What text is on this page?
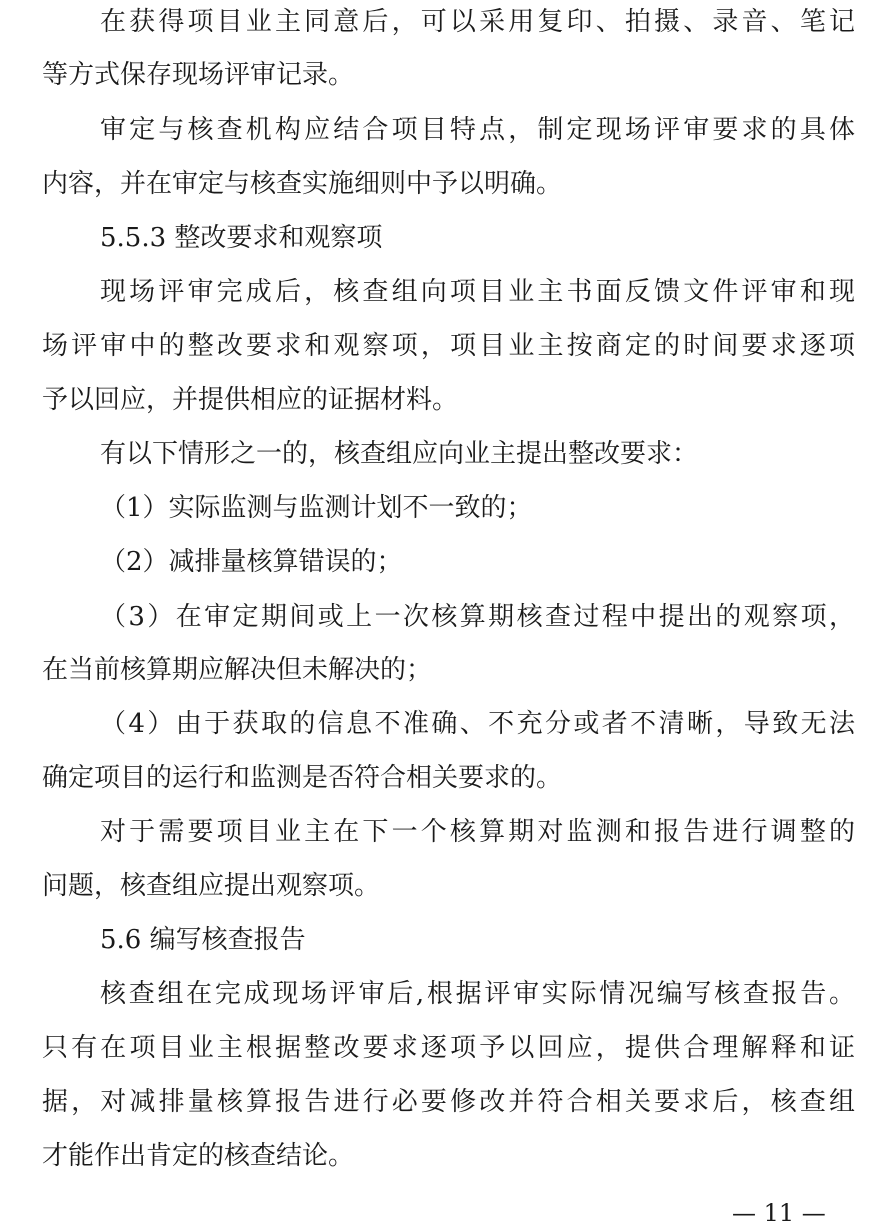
在获得项目业主同意后，可以采用复印、拍摄、录音、笔记
等方式保存现场评审记录。
审定与核查机构应结合项目特点，制定现场评审要求的具体
内容，并在审定与核查实施细则中予以明确。
5.5.3 整改要求和观察项
现场评审完成后，核查组向项目业主书面反馈文件评审和现
场评审中的整改要求和观察项，项目业主按商定的时间要求逐项
予以回应，并提供相应的证据材料。
有以下情形之一的，核查组应向业主提出整改要求：
（1）实际监测与监测计划不一致的；
（2）减排量核算错误的；
（3）在审定期间或上一次核算期核查过程中提出的观察项，
在当前核算期应解决但未解决的；
（4）由于获取的信息不准确、不充分或者不清晰，导致无法
确定项目的运行和监测是否符合相关要求的。
对于需要项目业主在下一个核算期对监测和报告进行调整的
问题，核查组应提出观察项。
5.6 编写核查报告
核查组在完成现场评审后,根据评审实际情况编写核查报告。
只有在项目业主根据整改要求逐项予以回应，提供合理解释和证
据，对减排量核算报告进行必要修改并符合相关要求后，核查组
才能作出肯定的核查结论。
— 11 —
